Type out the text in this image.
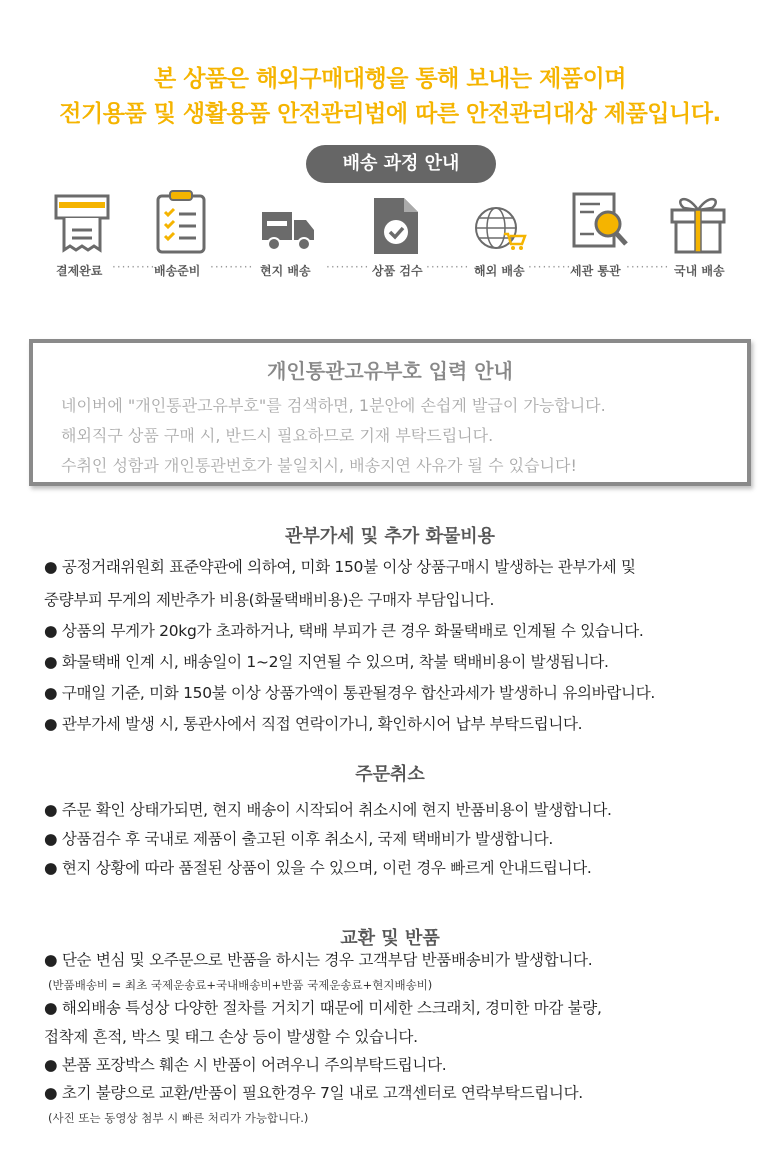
본 상품은 해외구매대행을 통해 보내는 제품이며
전기용품 및 생활용품 안전관리법에 따른 안전관리대상 제품입니다.
배송 과정 안내
결제완료 ·········
배송준비 ········· 현지 배송 ········· 상품 검수 ········· 해외 배송 ·········
세관 통관 ········· 국내 배송
개인통관고유부호 입력 안내
네이버에 "개인통관고유부호"를 검색하면, 1분안에 손쉽게 발급이 가능합니다.
해외직구 상품 구매 시, 반드시 필요하므로 기재 부탁드립니다.
수취인 성함과 개인통관번호가 불일치시, 배송지연 사유가 될 수 있습니다!
관부가세 및 추가 화물비용
● 공정거래위원회 표준약관에 의하여, 미화 150불 이상 상품구매시 발생하는 관부가세 및
중량부피 무게의 제반추가 비용(화물택배비용)은 구매자 부담입니다.
● 상품의 무게가 20kg가 초과하거나, 택배 부피가 큰 경우 화물택배로 인계될 수 있습니다.
● 화물택배 인계 시, 배송일이 1~2일 지연될 수 있으며, 착불 택배비용이 발생됩니다.
● 구매일 기준, 미화 150불 이상 상품가액이 통관될경우 합산과세가 발생하니 유의바랍니다.
● 관부가세 발생 시, 통관사에서 직접 연락이가니, 확인하시어 납부 부탁드립니다.
주문취소
● 주문 확인 상태가되면, 현지 배송이 시작되어 취소시에 현지 반품비용이 발생합니다.
● 상품검수 후 국내로 제품이 출고된 이후 취소시, 국제 택배비가 발생합니다.
● 현지 상황에 따라 품절된 상품이 있을 수 있으며, 이런 경우 빠르게 안내드립니다.
교환 및 반품
● 단순 변심 및 오주문으로 반품을 하시는 경우 고객부담 반품배송비가 발생합니다.
(반품배송비 = 최초 국제운송료+국내배송비+반품 국제운송료+현지배송비)
● 해외배송 특성상 다양한 절차를 거치기 때문에 미세한 스크래치, 경미한 마감 불량,
접착제 흔적, 박스 및 태그 손상 등이 발생할 수 있습니다.
● 본품 포장박스 훼손 시 반품이 어려우니 주의부탁드립니다.
● 초기 불량으로 교환/반품이 필요한경우 7일 내로 고객센터로 연락부탁드립니다.
(사진 또는 동영상 첨부 시 빠른 처리가 가능합니다.)
